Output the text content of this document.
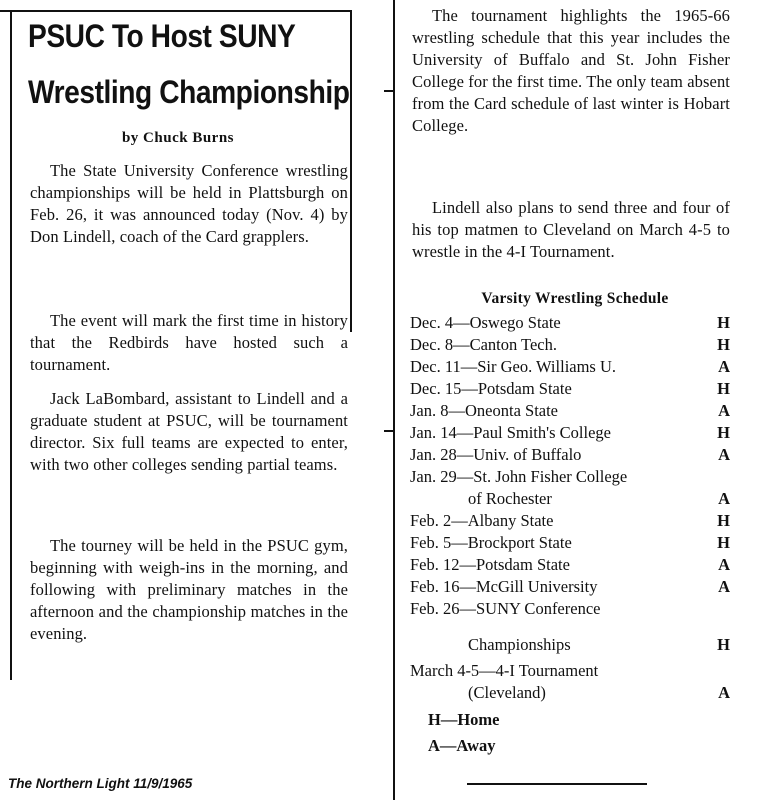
PSUC To Host SUNY
Wrestling Championship
by Chuck Burns

The State University Conference wrestling championships will be held in Plattsburgh on Feb. 26, it was announced today (Nov. 4) by Don Lindell, coach of the Card grapplers.

The event will mark the first time in history that the Redbirds have hosted such a tournament.

Jack LaBombard, assistant to Lindell and a graduate student at PSUC, will be tournament director. Six full teams are expected to enter, with two other colleges sending partial teams.

The tourney will be held in the PSUC gym, beginning with weigh-ins in the morning, and following with preliminary matches in the afternoon and the championship matches in the evening.

The tournament highlights the 1965-66 wrestling schedule that this year includes the University of Buffalo and St. John Fisher College for the first time. The only team absent from the Card schedule of last winter is Hobart College.

Lindell also plans to send three and four of his top matmen to Cleveland on March 4-5 to wrestle in the 4-I Tournament.

Varsity Wrestling Schedule
Dec. 4—Oswego State	H
Dec. 8—Canton Tech.	H
Dec. 11—Sir Geo. Williams U.	A
Dec. 15—Potsdam State	H
Jan. 8—Oneonta State	A
Jan. 14—Paul Smith's College	H
Jan. 28—Univ. of Buffalo	A
Jan. 29—St. John Fisher College
of Rochester	A
Feb. 2—Albany State	H
Feb. 5—Brockport State	H
Feb. 12—Potsdam State	A
Feb. 16—McGill University	A
Feb. 26—SUNY Conference
Championships	H
March 4-5—4-I Tournament
(Cleveland)	A
H—Home
A—Away
The Northern Light 11/9/1965
